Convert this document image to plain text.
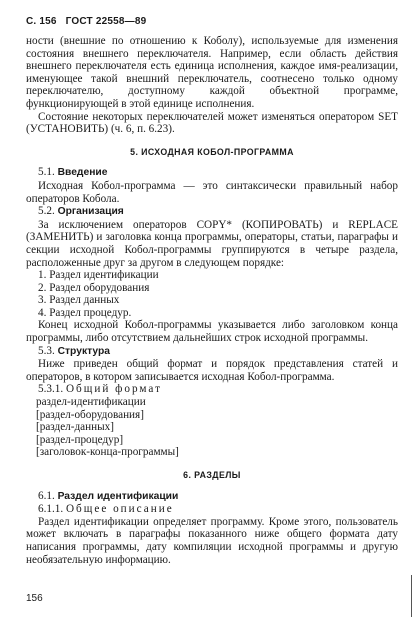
С. 156 ГОСТ 22558—89

ности (внешние по отношению к Коболу), используемые для изменения состояния внешнего переключателя. Например, если область действия внешнего переключателя есть единица исполнения, каждое имя-реализации, именующее такой внешний переключатель, соотнесено только одному переключателю, доступному каждой объектной программе, функционирующей в этой единице исполнения.

Состояние некоторых переключателей может изменяться оператором SET (УСТАНОВИТЬ) (ч. 6, п. 6.23).

5. ИСХОДНАЯ КОБОЛ-ПРОГРАММА
5.1. Введение

Исходная Кобол-программа — это синтаксически правильный набор операторов Кобола.

5.2. Организация

За исключением операторов COPY* (КОПИРОВАТЬ) и REPLACE (ЗАМЕНИТЬ) и заголовка конца программы, операторы, статьи, параграфы и секции исходной Кобол-программы группируются в четыре раздела, расположенные друг за другом в следующем порядке:

1. Раздел идентификации
2. Раздел оборудования
3. Раздел данных
4. Раздел процедур.

Конец исходной Кобол-программы указывается либо заголовком конца программы, либо отсутствием дальнейших строк исходной программы.

5.3. Структура

Ниже приведен общий формат и порядок представления статей и операторов, в котором записывается исходная Кобол-программа.

5.3.1. Общий формат
раздел-идентификации
[раздел-оборудования]
[раздел-данных]
[раздел-процедур]
[заголовок-конца-программы]
6. РАЗДЕЛЫ
6.1. Раздел идентификации
6.1.1. Общее описание

Раздел идентификации определяет программу. Кроме этого, пользователь может включать в параграфы показанного ниже общего формата дату написания программы, дату компиляции исходной программы и другую необязательную информацию.

156
